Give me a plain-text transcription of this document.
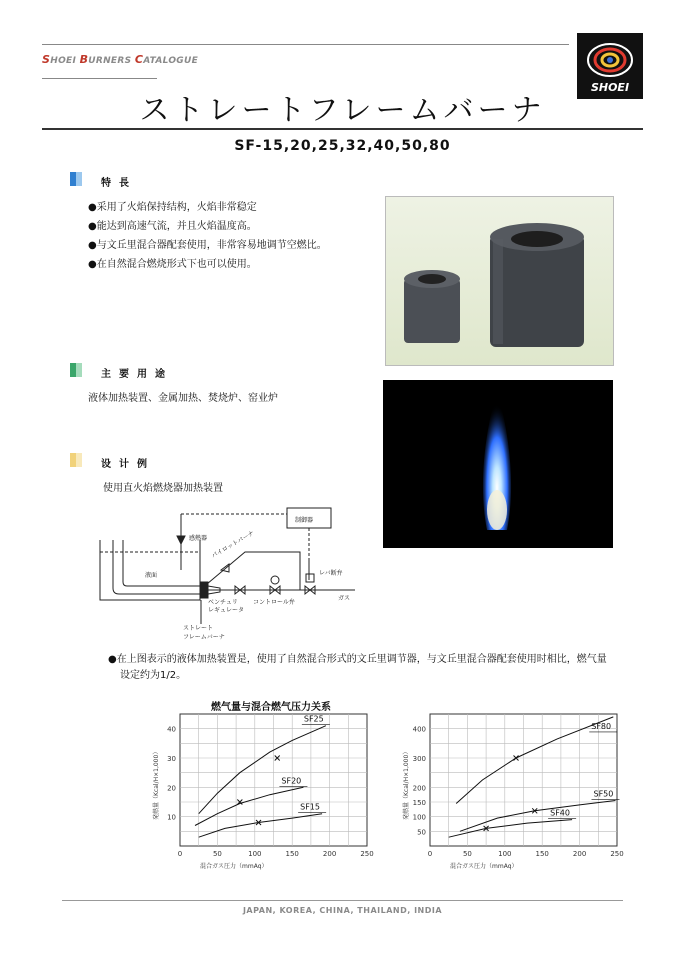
SHOEI BURNERS CATALOGUE
SHOEI
ストレートフレームバーナ
SF-15,20,25,32,40,50,80
特長
●采用了火焰保持结构，火焰非常稳定
●能达到高速气流，并且火焰温度高。
●与文丘里混合器配套使用，非常容易地调节空燃比。
●在自然混合燃烧形式下也可以使用。
主要用途
液体加热装置、金属加热、焚烧炉、窑业炉
设计例
使用直火焰燃烧器加热装置
制御器
感熱器 パイロットバーナ
液面	レバ断弁
ガス
ベンチュリ
レギュレータ
コントロール弁
ストレート
フレームバーナ
●在上图表示的液体加热装置是，使用了自然混合形式的文丘里调节器，与文丘里混合器配套使用时相比，燃气量
设定约为1/2。
燃气量与混合燃气压力关系
0	50	100	150	200	250
10
20
30
40
混合ガス圧力（mmAq）
発熱量（Kcal/H×1,000）
SF25
SF20
SF15
0	50	100	150	200	250
50
100
150
200
300
400
混合ガス圧力（mmAq）
発熱量（Kcal/H×1,000）
SF80
SF50
SF40
JAPAN, KOREA, CHINA, THAILAND, INDIA
